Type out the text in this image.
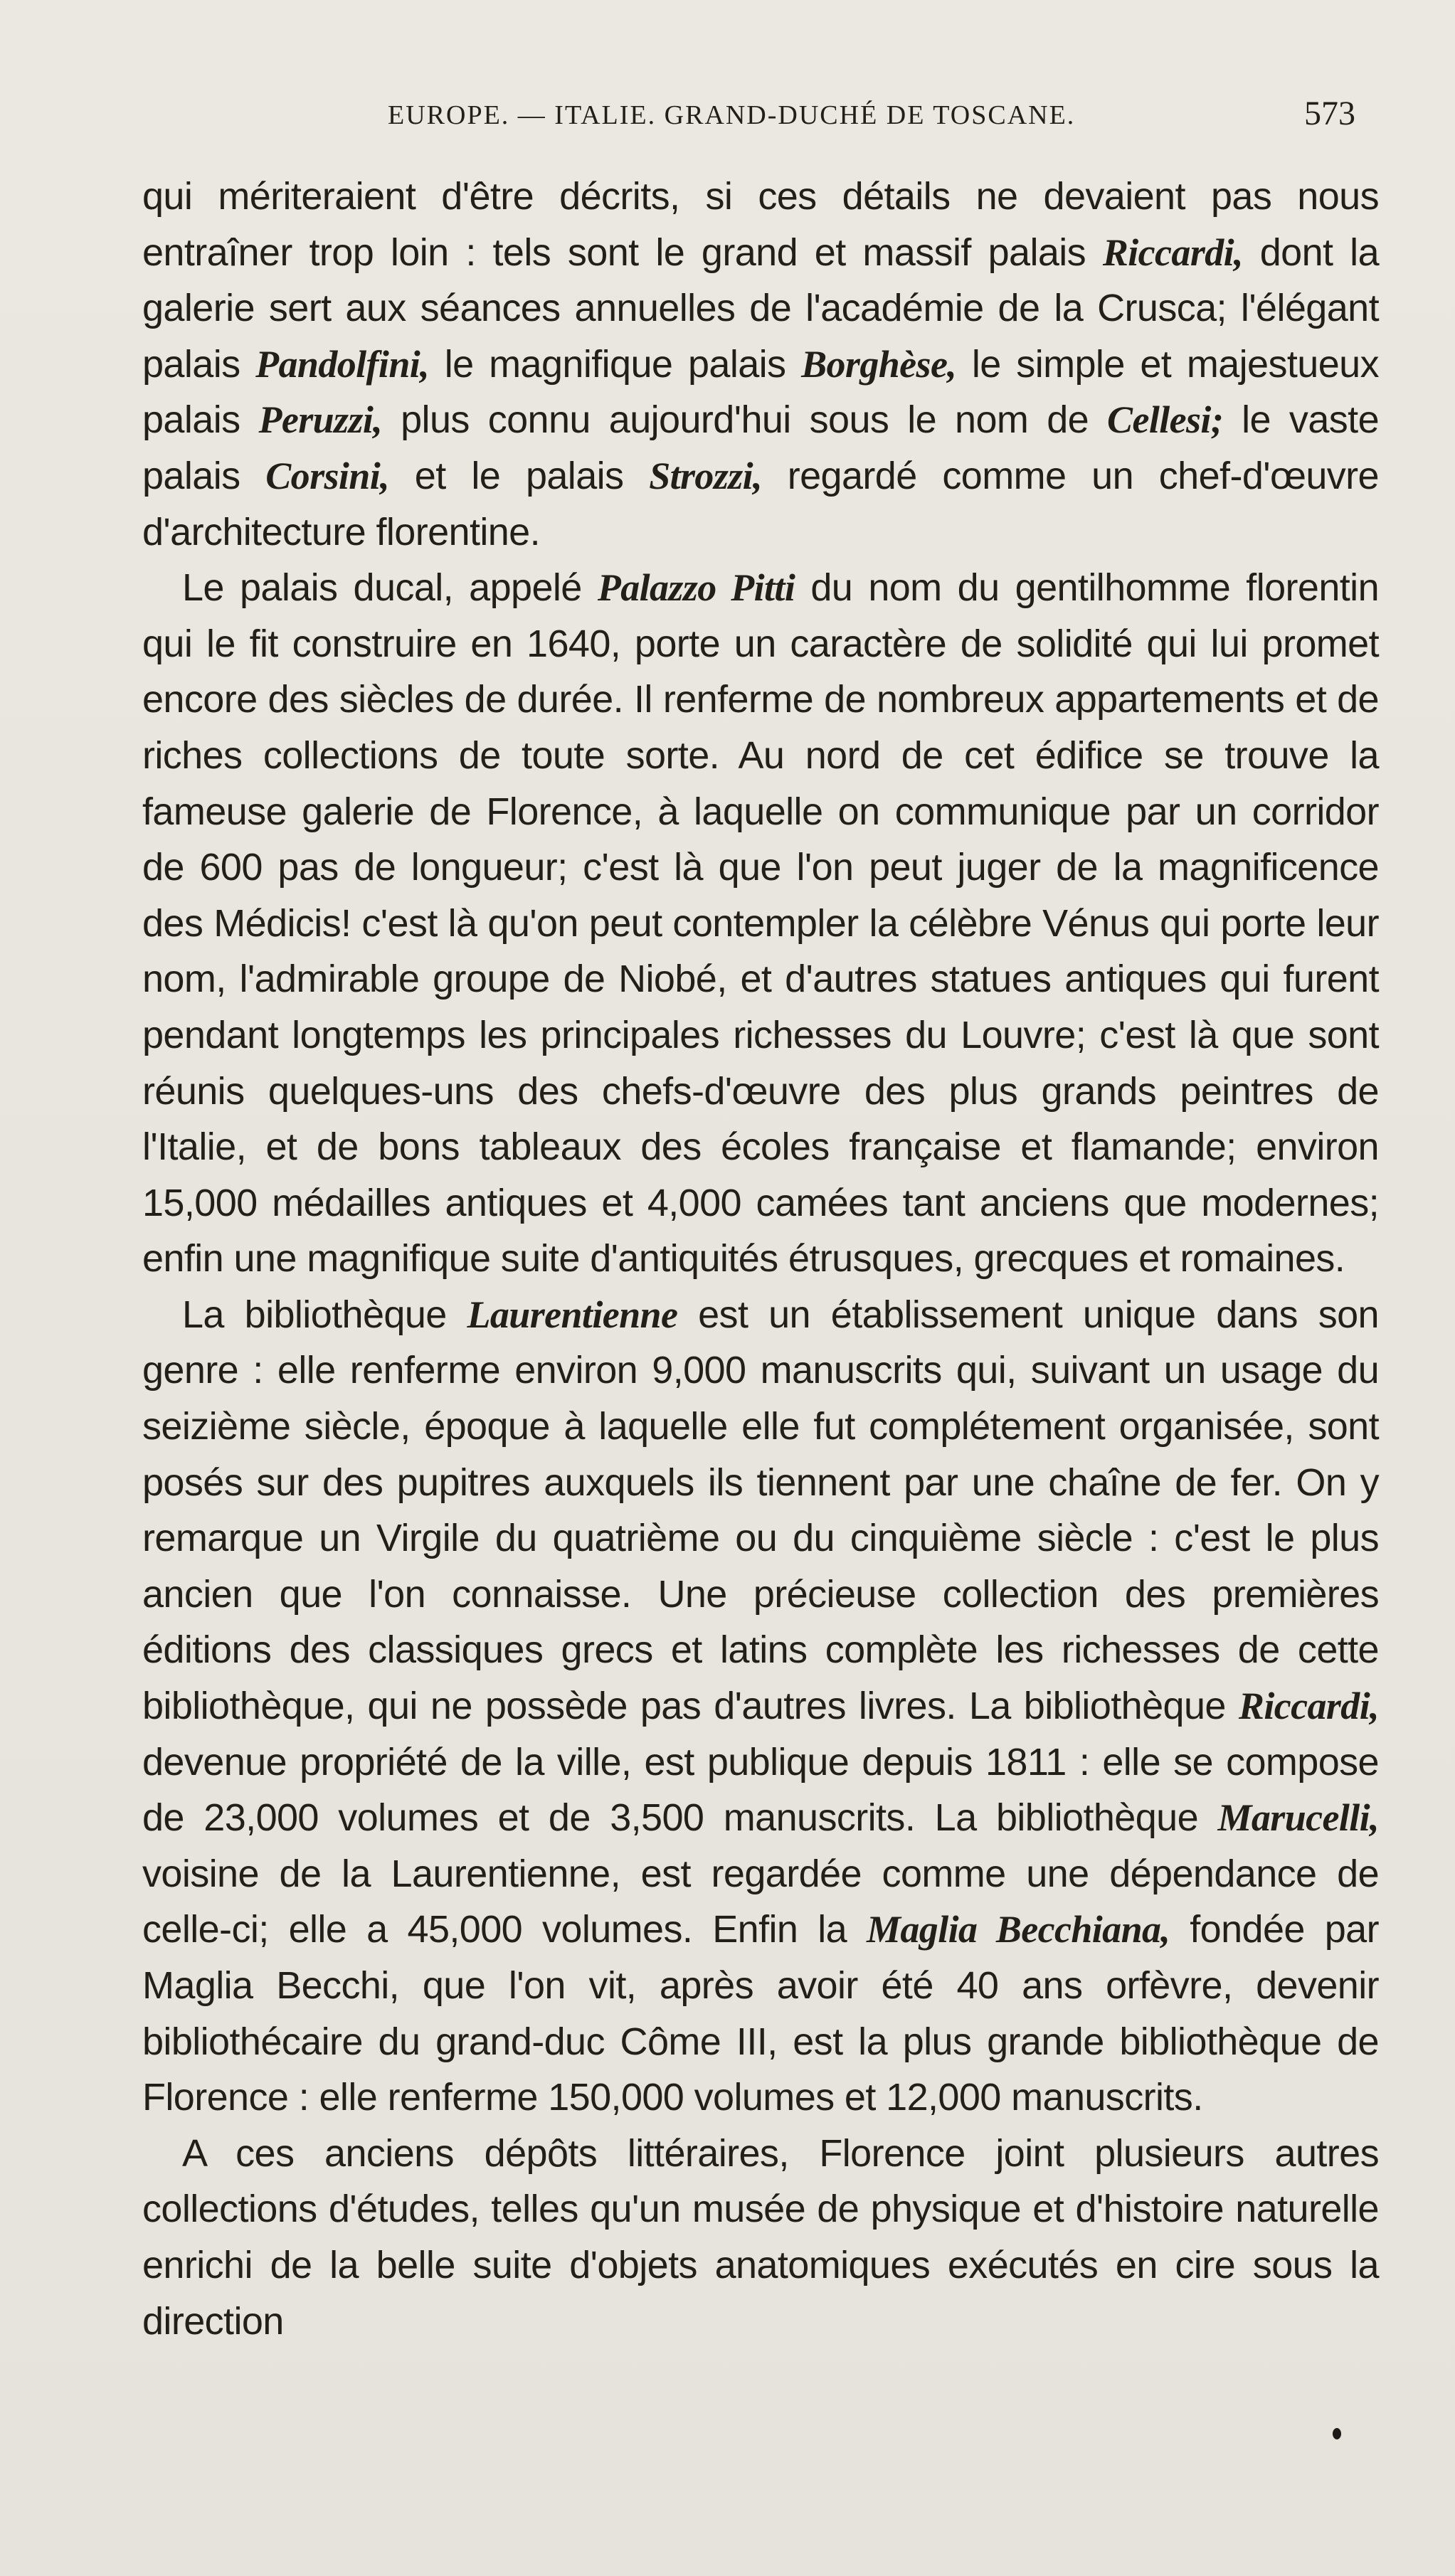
EUROPE. — ITALIE. GRAND-DUCHÉ DE TOSCANE.	573

qui mériteraient d'être décrits, si ces détails ne devaient pas nous entraîner trop loin : tels sont le grand et massif palais Riccardi, dont la galerie sert aux séances annuelles de l'académie de la Crusca; l'élégant palais Pandolfini, le magnifique palais Borghèse, le simple et majestueux palais Peruzzi, plus connu aujourd'hui sous le nom de Cellesi; le vaste palais Corsini, et le palais Strozzi, regardé comme un chef-d'œuvre d'architecture florentine.

Le palais ducal, appelé Palazzo Pitti du nom du gentilhomme florentin qui le fit construire en 1640, porte un caractère de solidité qui lui promet encore des siècles de durée. Il renferme de nombreux appartements et de riches collections de toute sorte. Au nord de cet édifice se trouve la fameuse galerie de Florence, à laquelle on communique par un corridor de 600 pas de longueur; c'est là que l'on peut juger de la magnificence des Médicis! c'est là qu'on peut contempler la célèbre Vénus qui porte leur nom, l'admirable groupe de Niobé, et d'autres statues antiques qui furent pendant longtemps les principales richesses du Louvre; c'est là que sont réunis quelques-uns des chefs-d'œuvre des plus grands peintres de l'Italie, et de bons tableaux des écoles française et flamande; environ 15,000 médailles antiques et 4,000 camées tant anciens que modernes; enfin une magnifique suite d'antiquités étrusques, grecques et romaines.

La bibliothèque Laurentienne est un établissement unique dans son genre : elle renferme environ 9,000 manuscrits qui, suivant un usage du seizième siècle, époque à laquelle elle fut complétement organisée, sont posés sur des pupitres auxquels ils tiennent par une chaîne de fer. On y remarque un Virgile du quatrième ou du cinquième siècle : c'est le plus ancien que l'on connaisse. Une précieuse collection des premières éditions des classiques grecs et latins complète les richesses de cette bibliothèque, qui ne possède pas d'autres livres. La bibliothèque Riccardi, devenue propriété de la ville, est publique depuis 1811 : elle se compose de 23,000 volumes et de 3,500 manuscrits. La bibliothèque Marucelli, voisine de la Laurentienne, est regardée comme une dépendance de celle-ci; elle a 45,000 volumes. Enfin la Maglia Becchiana, fondée par Maglia Becchi, que l'on vit, après avoir été 40 ans orfèvre, devenir bibliothécaire du grand-duc Côme III, est la plus grande bibliothèque de Florence : elle renferme 150,000 volumes et 12,000 manuscrits.

A ces anciens dépôts littéraires, Florence joint plusieurs autres collections d'études, telles qu'un musée de physique et d'histoire naturelle enrichi de la belle suite d'objets anatomiques exécutés en cire sous la direction
